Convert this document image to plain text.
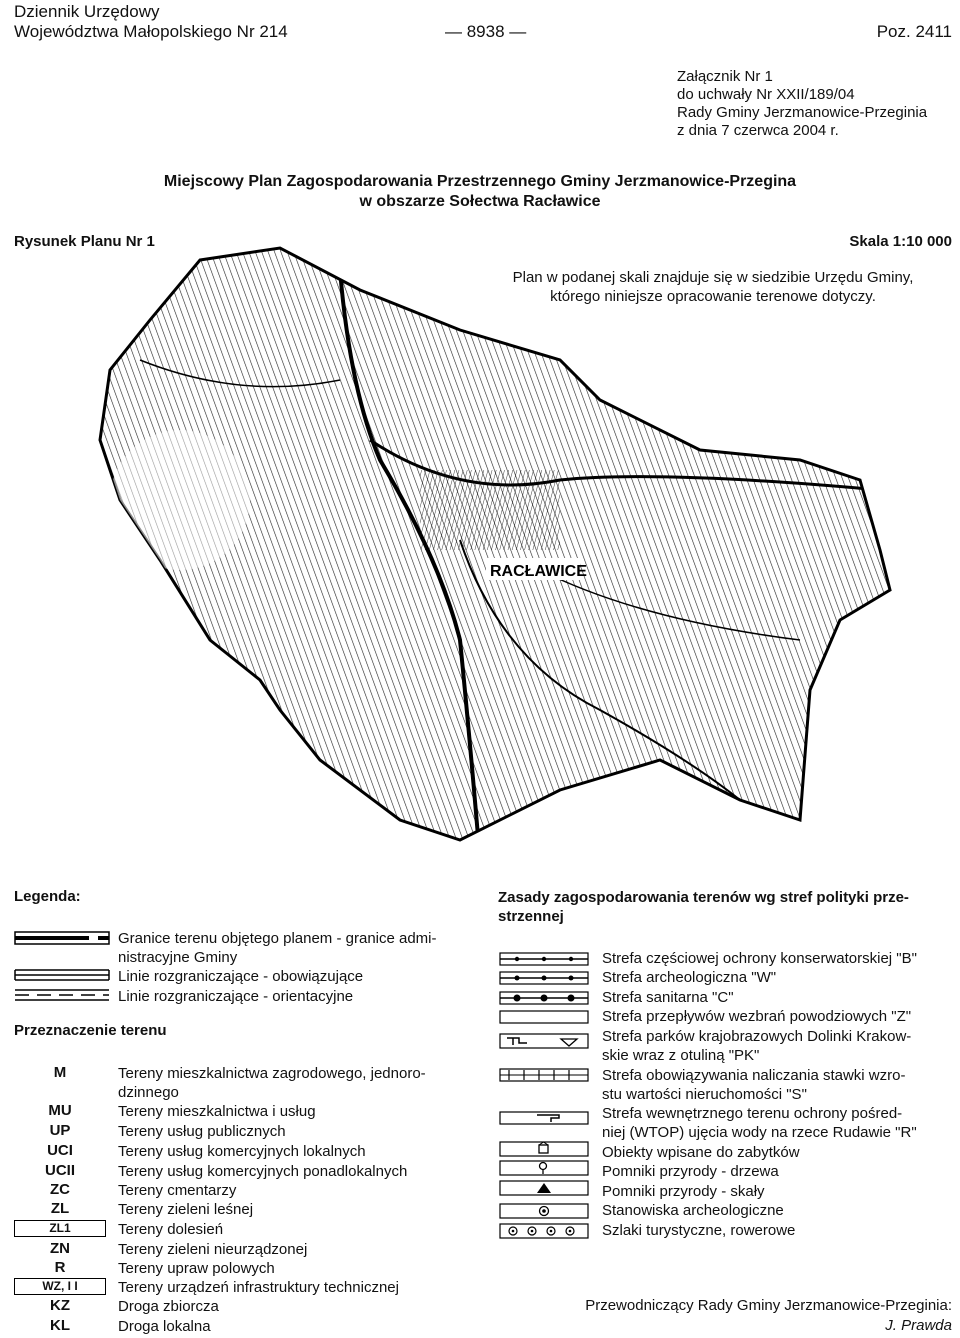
Dziennik Urzędowy
Województwa Małopolskiego Nr 214	— 8938 —	Poz. 2411
Załącznik Nr 1
do uchwały Nr XXII/189/04
Rady Gminy Jerzmanowice-Przeginia
z dnia 7 czerwca 2004 r.
Miejscowy Plan Zagospodarowania Przestrzennego Gminy Jerzmanowice-Przegina
w obszarze Sołectwa Racławice
Rysunek Planu Nr 1	Skala 1:10 000
RACŁAWICE
Plan w podanej skali znajduje się w siedzibie Urzędu Gminy,
którego niniejsze opracowanie terenowe dotyczy.
Legenda:
Granice terenu objętego planem - granice admi-
nistracyjne Gminy
Linie rozgraniczające - obowiązujące
Linie rozgraniczające - orientacyjne
Przeznaczenie terenu
M	Tereny mieszkalnictwa zagrodowego, jednoro-
dzinnego
MU	Tereny mieszkalnictwa i usług
UP	Tereny usług publicznych
UCI	Tereny usług komercyjnych lokalnych
UCII	Tereny usług komercyjnych ponadlokalnych
ZC	Tereny cmentarzy
ZL	Tereny zieleni leśnej
ZL1	Tereny dolesień
ZN	Tereny zieleni nieurządzonej
R	Tereny upraw polowych
WZ, I I	Tereny urządzeń infrastruktury technicznej
KZ	Droga zbiorcza
KL	Droga lokalna
Zasady zagospodarowania terenów wg stref polityki prze-
strzennej
Strefa częściowej ochrony konserwatorskiej "B"
Strefa archeologiczna "W"
Strefa sanitarna "C"
Strefa przepływów wezbrań powodziowych "Z"
Strefa parków krajobrazowych Dolinki Krakow-
skie wraz z otuliną "PK"
Strefa obowiązywania naliczania stawki wzro-
stu wartości nieruchomości "S"
Strefa wewnętrznego terenu ochrony pośred-
niej (WTOP) ujęcia wody na rzece Rudawie "R"
Obiekty wpisane do zabytków
Pomniki przyrody - drzewa
Pomniki przyrody - skały
Stanowiska archeologiczne
Szlaki turystyczne, rowerowe
Przewodniczący Rady Gminy Jerzmanowice-Przeginia:
J. Prawda
